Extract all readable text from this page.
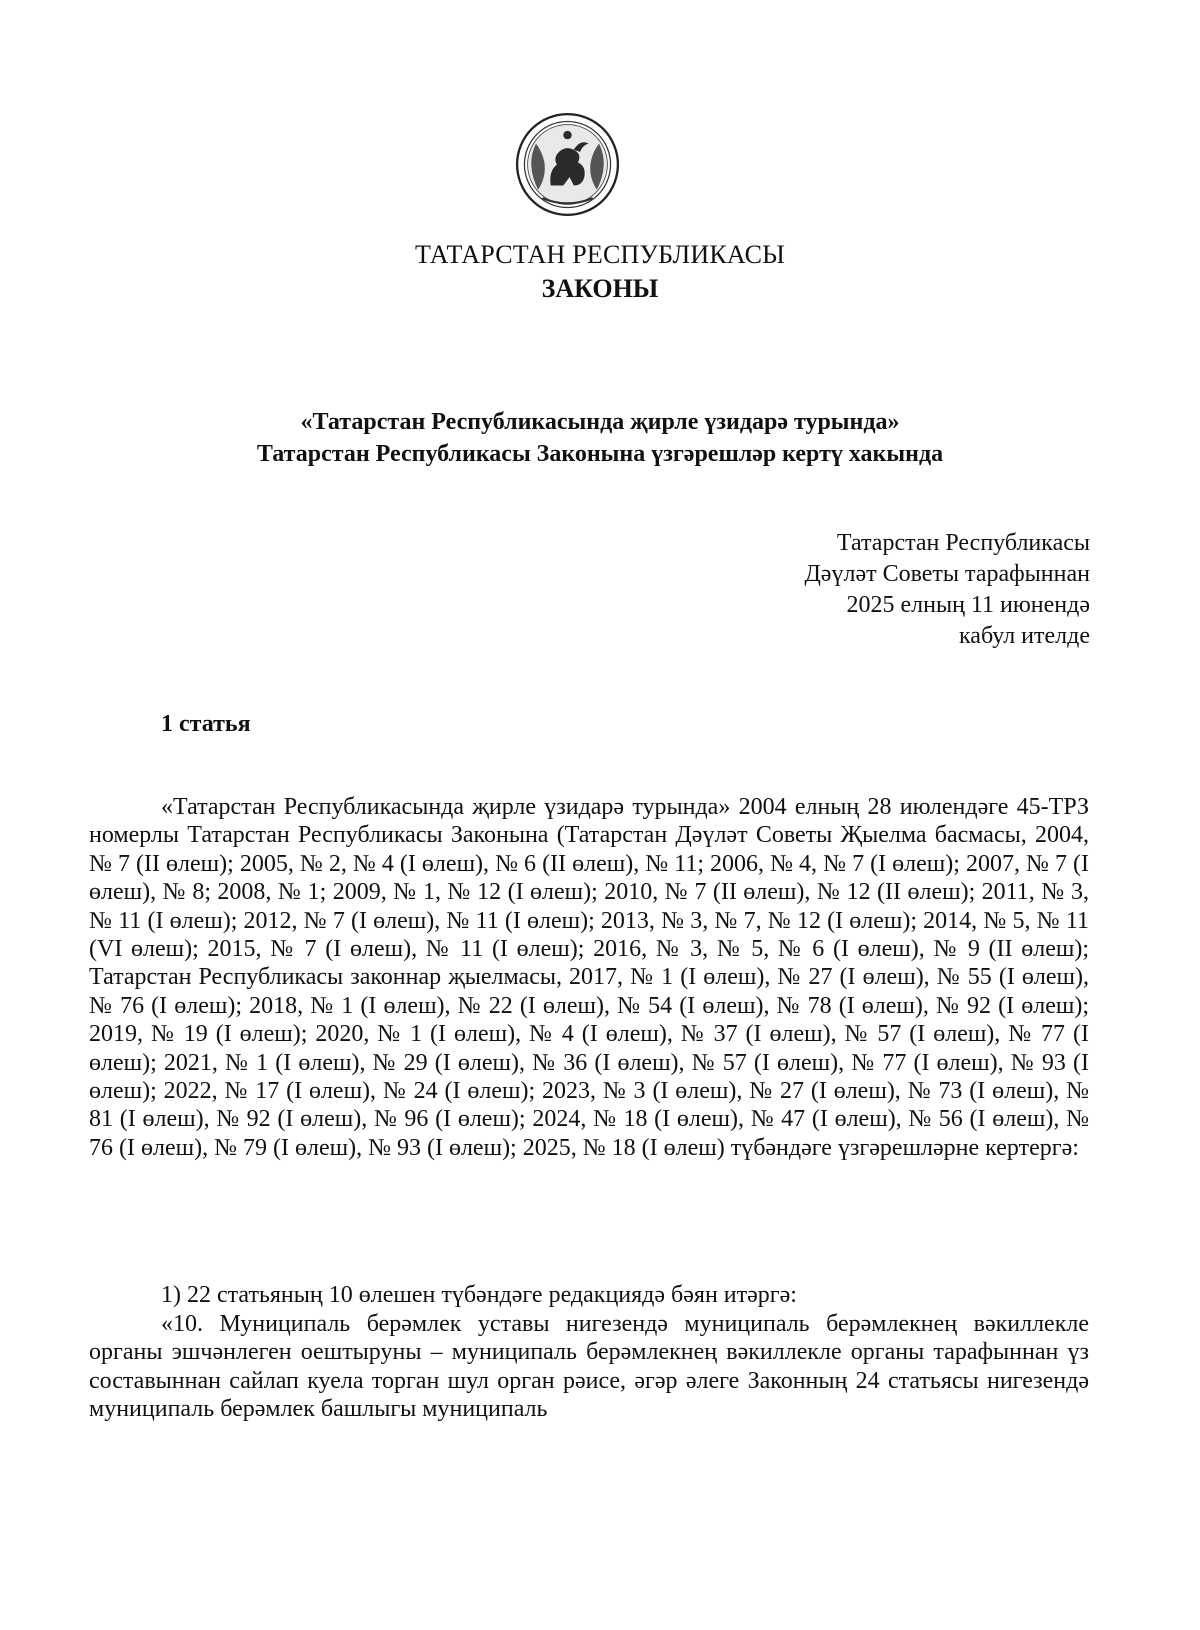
ТАТАРСТАН РЕСПУБЛИКАСЫ
ЗАКОНЫ
«Татарстан Республикасында җирле үзидарә турында»
Татарстан Республикасы Законына үзгәрешләр кертү хакында
Татарстан Республикасы
Дәүләт Советы тарафыннан
2025 елның 11 июнендә
кабул ителде
1 статья

«Татарстан Республикасында җирле үзидарә турында» 2004 елның 28 июлендәге 45-ТРЗ номерлы Татарстан Республикасы Законына (Татарстан Дәүләт Советы Җыелма басмасы, 2004, № 7 (II өлеш); 2005, № 2, № 4 (I өлеш), № 6 (II өлеш), № 11; 2006, № 4, № 7 (I өлеш); 2007, № 7 (I өлеш), № 8; 2008, № 1; 2009, № 1, № 12 (I өлеш); 2010, № 7 (II өлеш), № 12 (II өлеш); 2011, № 3, № 11 (I өлеш); 2012, № 7 (I өлеш), № 11 (I өлеш); 2013, № 3, № 7, № 12 (I өлеш); 2014, № 5, № 11 (VI өлеш); 2015, № 7 (I өлеш), № 11 (I өлеш); 2016, № 3, № 5, № 6 (I өлеш), № 9 (II өлеш); Татарстан Республикасы законнар җыелмасы, 2017, № 1 (I өлеш), № 27 (I өлеш), № 55 (I өлеш), № 76 (I өлеш); 2018, № 1 (I өлеш), № 22 (I өлеш), № 54 (I өлеш), № 78 (I өлеш), № 92 (I өлеш); 2019, № 19 (I өлеш); 2020, № 1 (I өлеш), № 4 (I өлеш), № 37 (I өлеш), № 57 (I өлеш), № 77 (I өлеш); 2021, № 1 (I өлеш), № 29 (I өлеш), № 36 (I өлеш), № 57 (I өлеш), № 77 (I өлеш), № 93 (I өлеш); 2022, № 17 (I өлеш), № 24 (I өлеш); 2023, № 3 (I өлеш), № 27 (I өлеш), № 73 (I өлеш), № 81 (I өлеш), № 92 (I өлеш), № 96 (I өлеш); 2024, № 18 (I өлеш), № 47 (I өлеш), № 56 (I өлеш), № 76 (I өлеш), № 79 (I өлеш), № 93 (I өлеш); 2025, № 18 (I өлеш) түбәндәге үзгәрешләрне кертергә:

1) 22 статьяның 10 өлешен түбәндәге редакциядә бәян итәргә:

«10. Муниципаль берәмлек уставы нигезендә муниципаль берәмлекнең вәкиллекле органы эшчәнлеген оештыруны – муниципаль берәмлекнең вәкиллекле органы тарафыннан үз составыннан сайлап куела торган шул орган рәисе, әгәр әлеге Законның 24 статьясы нигезендә муниципаль берәмлек башлыгы муниципаль
